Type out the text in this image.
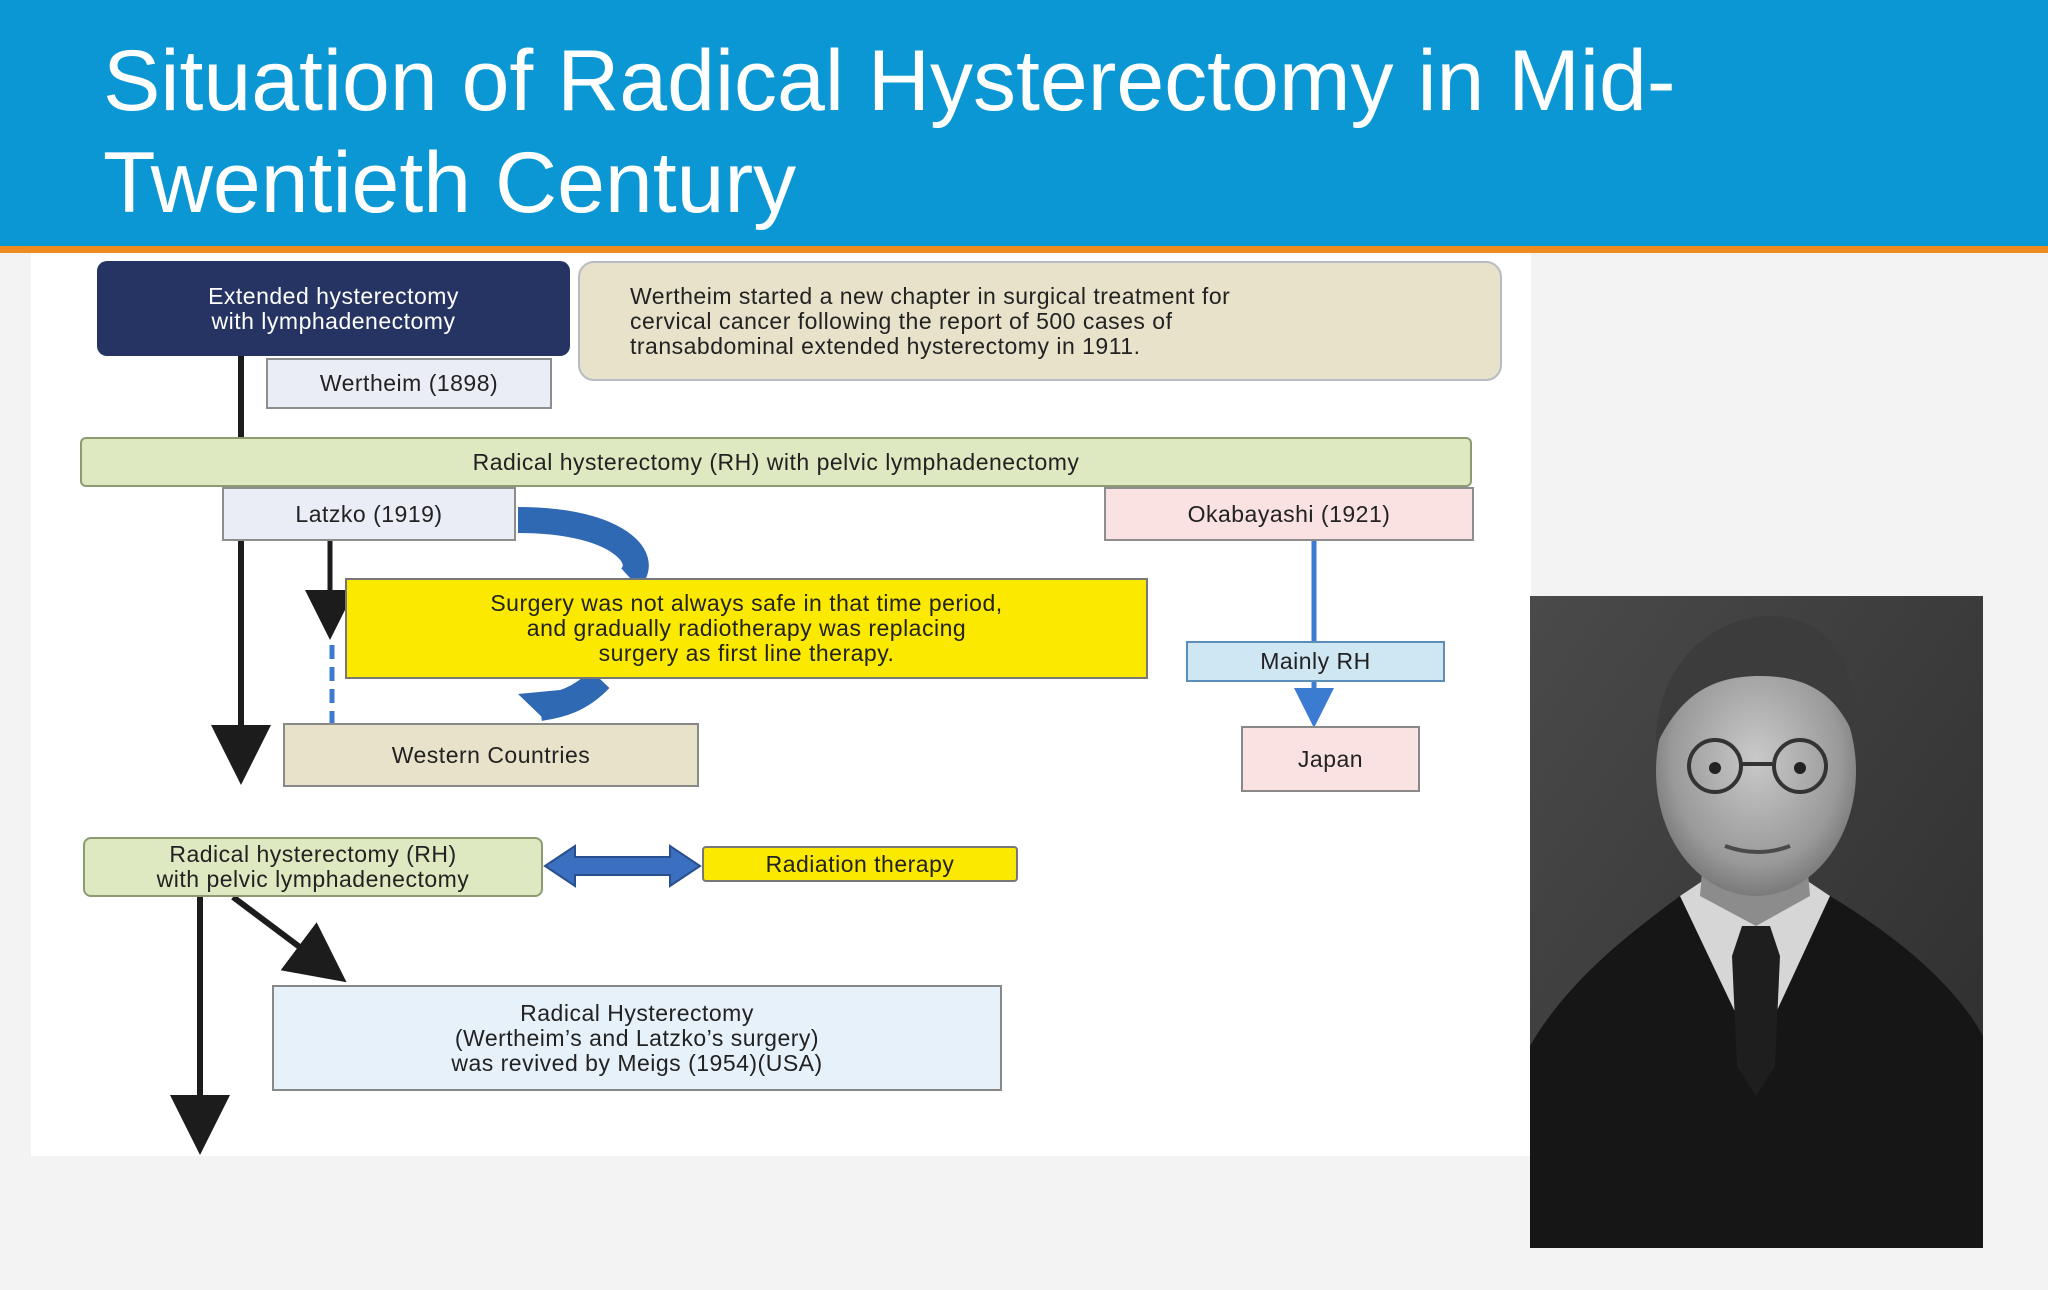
Situation of Radical Hysterectomy in Mid-
Twentieth Century
Extended hysterectomy
with lymphadenectomy
Wertheim (1898)
Wertheim started a new chapter in surgical treatment for
cervical cancer following the report of 500 cases of
transabdominal extended hysterectomy in 1911.
Radical hysterectomy (RH) with pelvic lymphadenectomy
Latzko (1919)	Okabayashi (1921)
Surgery was not always safe in that time period,
and gradually radiotherapy was replacing
surgery as first line therapy.	Mainly RH
Western Countries	Japan
Radical hysterectomy (RH)
with pelvic lymphadenectomy
Radiation therapy
Radical Hysterectomy
(Wertheim’s and Latzko’s surgery)
was revived by Meigs (1954)(USA)
